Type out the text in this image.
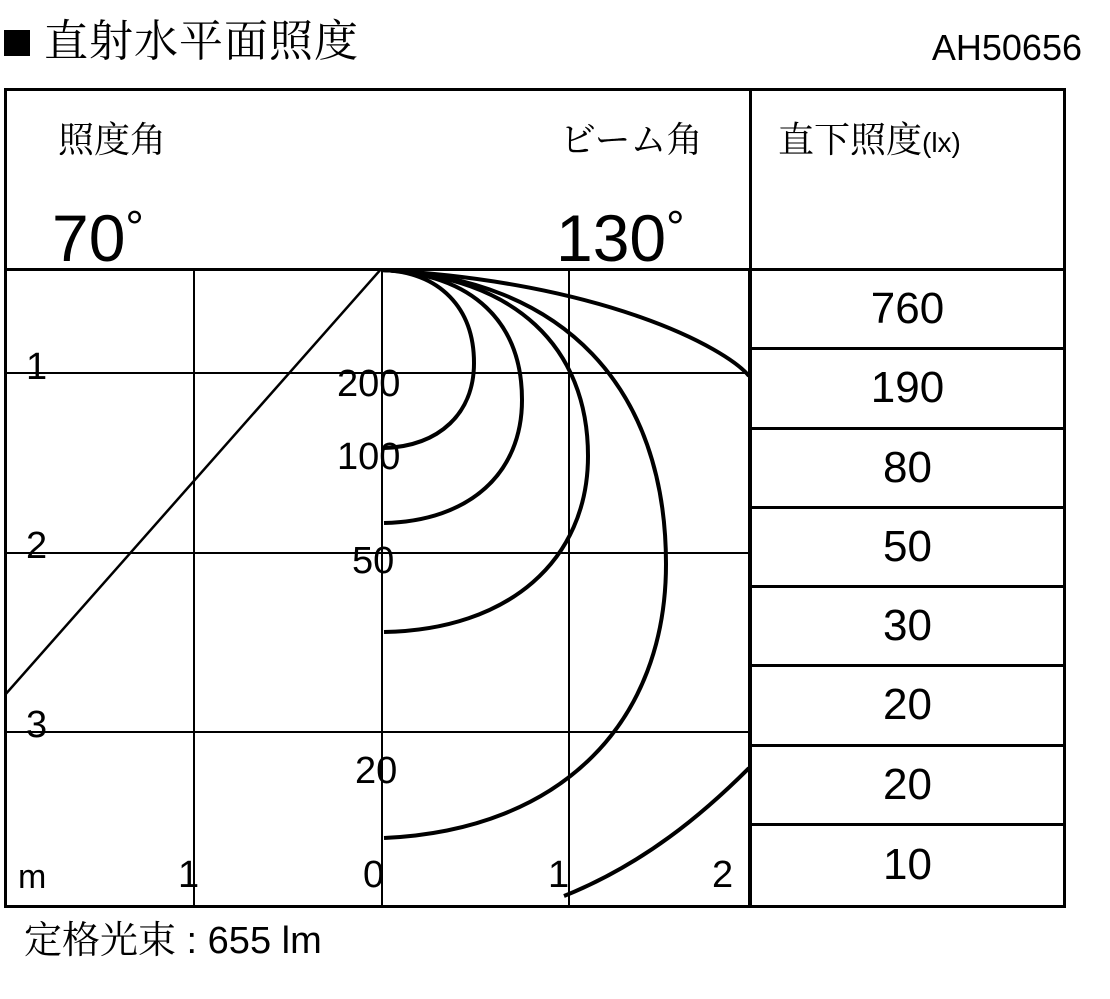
直射水平面照度	AH50656
照度角	ビーム角 直下照度(lx)
70°	130°
200
100
50
20
1
2
3
m	1	0	1	2
760
190
80
50
30
20
20
10
定格光束 : 655 lm
